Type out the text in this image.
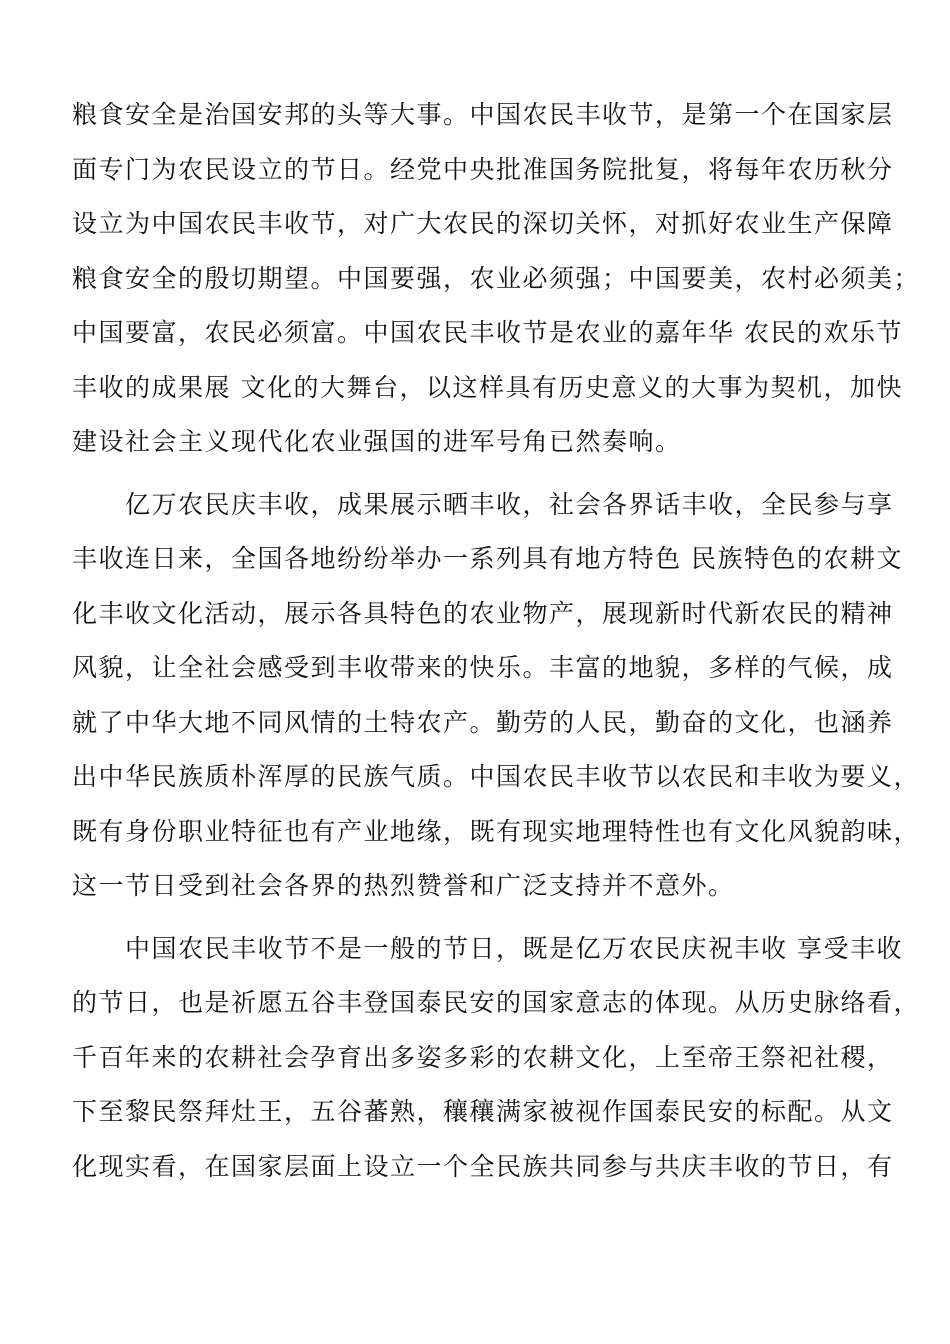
粮食安全是治国安邦的头等大事。中国农民丰收节，是第一个在国家层
面专门为农民设立的节日。经党中央批准国务院批复，将每年农历秋分
设立为中国农民丰收节，对广大农民的深切关怀，对抓好农业生产保障
粮食安全的殷切期望。中国要强，农业必须强；中国要美，农村必须美；
中国要富，农民必须富。中国农民丰收节是农业的嘉年华 农民的欢乐节
丰收的成果展 文化的大舞台，以这样具有历史意义的大事为契机，加快
建设社会主义现代化农业强国的进军号角已然奏响。
　　亿万农民庆丰收，成果展示晒丰收，社会各界话丰收，全民参与享
丰收连日来，全国各地纷纷举办一系列具有地方特色 民族特色的农耕文
化丰收文化活动，展示各具特色的农业物产，展现新时代新农民的精神
风貌，让全社会感受到丰收带来的快乐。丰富的地貌，多样的气候，成
就了中华大地不同风情的土特农产。勤劳的人民，勤奋的文化，也涵养
出中华民族质朴浑厚的民族气质。中国农民丰收节以农民和丰收为要义，
既有身份职业特征也有产业地缘，既有现实地理特性也有文化风貌韵味，
这一节日受到社会各界的热烈赞誉和广泛支持并不意外。
　　中国农民丰收节不是一般的节日，既是亿万农民庆祝丰收 享受丰收
的节日，也是祈愿五谷丰登国泰民安的国家意志的体现。从历史脉络看，
千百年来的农耕社会孕育出多姿多彩的农耕文化，上至帝王祭祀社稷，
下至黎民祭拜灶王，五谷蕃熟，穰穰满家被视作国泰民安的标配。从文
化现实看，在国家层面上设立一个全民族共同参与共庆丰收的节日，有
